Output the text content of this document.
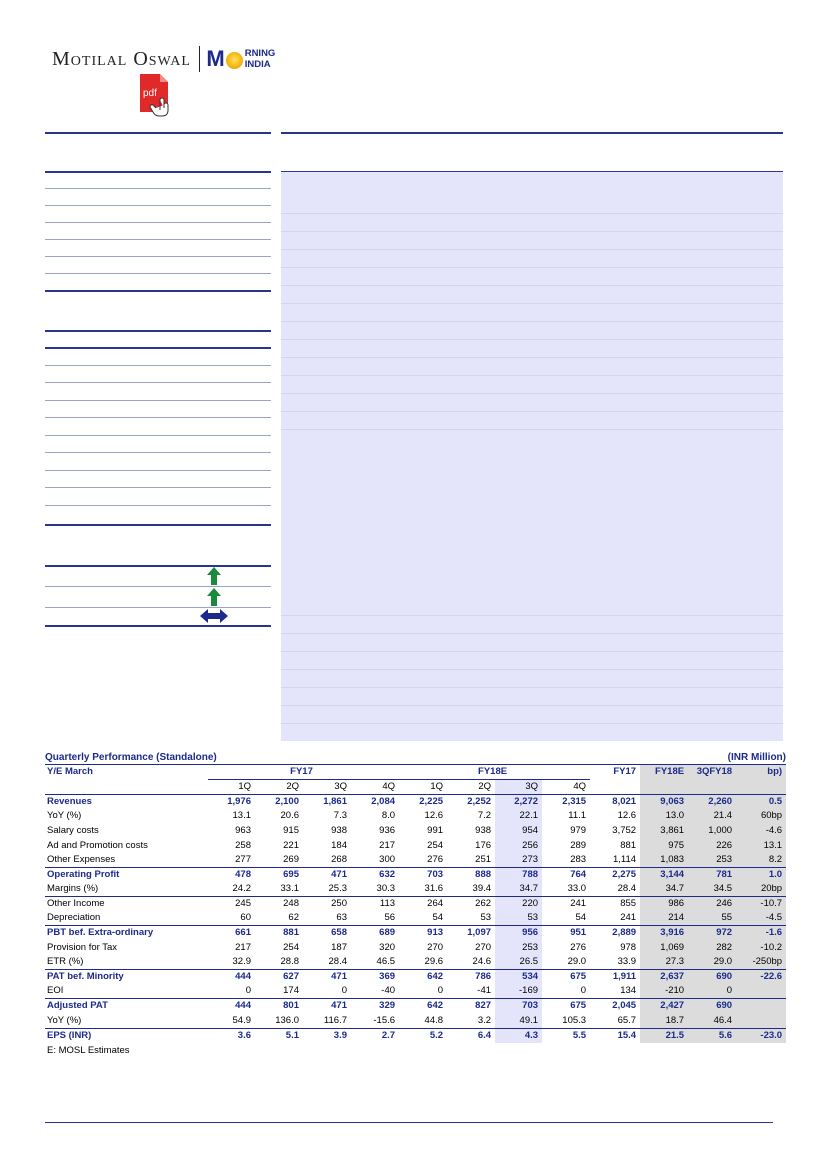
Motilal Oswal M RNING
INDIA
pdf
Quarterly Performance (Standalone)	(INR Million)
Y/E March	FY17				FY18E				FY17	FY18E	3QFY18	bp)
	1Q	2Q	3Q	4Q	1Q	2Q	3Q	4Q				
Revenues	1,976	2,100	1,861	2,084	2,225	2,252	2,272	2,315	8,021	9,063	2,260	0.5
YoY (%)	13.1	20.6	7.3	8.0	12.6	7.2	22.1	11.1	12.6	13.0	21.4	60bp
Salary costs	963	915	938	936	991	938	954	979	3,752	3,861	1,000	-4.6
Ad and Promotion costs	258	221	184	217	254	176	256	289	881	975	226	13.1
Other Expenses	277	269	268	300	276	251	273	283	1,114	1,083	253	8.2
Operating Profit	478	695	471	632	703	888	788	764	2,275	3,144	781	1.0
Margins (%)	24.2	33.1	25.3	30.3	31.6	39.4	34.7	33.0	28.4	34.7	34.5	20bp
Other Income	245	248	250	113	264	262	220	241	855	986	246	-10.7
Depreciation	60	62	63	56	54	53	53	54	241	214	55	-4.5
PBT bef. Extra-ordinary	661	881	658	689	913	1,097	956	951	2,889	3,916	972	-1.6
Provision for Tax	217	254	187	320	270	270	253	276	978	1,069	282	-10.2
ETR (%)	32.9	28.8	28.4	46.5	29.6	24.6	26.5	29.0	33.9	27.3	29.0	-250bp
PAT bef. Minority	444	627	471	369	642	786	534	675	1,911	2,637	690	-22.6
EOI	0	174	0	-40	0	-41	-169	0	134	-210	0	
Adjusted PAT	444	801	471	329	642	827	703	675	2,045	2,427	690	
YoY (%)	54.9	136.0	116.7	-15.6	44.8	3.2	49.1	105.3	65.7	18.7	46.4	
EPS (INR)	3.6	5.1	3.9	2.7	5.2	6.4	4.3	5.5	15.4	21.5	5.6	-23.0
E: MOSL Estimates
